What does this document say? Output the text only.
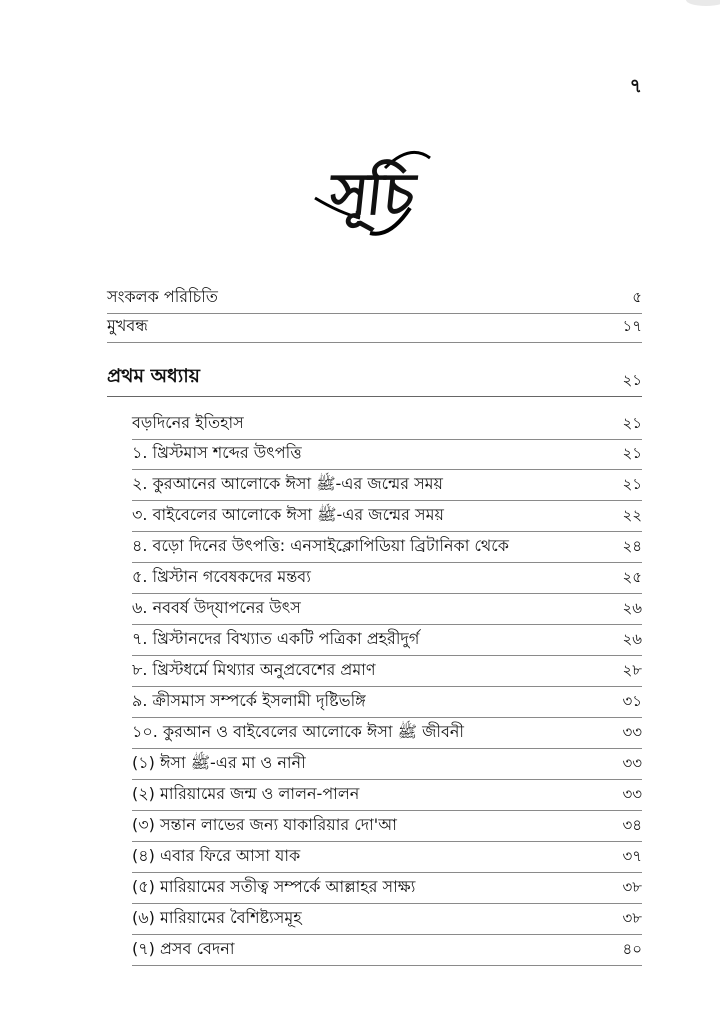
৭
সূচি
সংকলক পরিচিতি	৫
মুখবন্ধ	১৭
প্রথম অধ্যায়	২১
বড়দিনের ইতিহাস	২১
১. খ্রিস্টমাস শব্দের উৎপত্তি	২১
২. কুরআনের আলোকে ঈসা ﷺ-এর জন্মের সময়	২১
৩. বাইবেলের আলোকে ঈসা ﷺ-এর জন্মের সময়	২২
৪. বড়ো দিনের উৎপত্তি: এনসাইক্লোপিডিয়া ব্রিটানিকা থেকে	২৪
৫. খ্রিস্টান গবেষকদের মন্তব্য	২৫
৬. নববর্ষ উদ্‌যাপনের উৎস	২৬
৭. খ্রিস্টানদের বিখ্যাত একটি পত্রিকা প্রহরীদুর্গ	২৬
৮. খ্রিস্টধর্মে মিথ্যার অনুপ্রবেশের প্রমাণ	২৮
৯. ক্রীসমাস সম্পর্কে ইসলামী দৃষ্টিভঙ্গি	৩১
১০. কুরআন ও বাইবেলের আলোকে ঈসা ﷺ জীবনী	৩৩
(১) ঈসা ﷺ-এর মা ও নানী	৩৩
(২) মারিয়ামের জন্ম ও লালন-পালন	৩৩
(৩) সন্তান লাভের জন্য যাকারিয়ার দো'আ	৩৪
(৪) এবার ফিরে আসা যাক	৩৭
(৫) মারিয়ামের সতীত্ব সম্পর্কে আল্লাহর সাক্ষ্য	৩৮
(৬) মারিয়ামের বৈশিষ্ট্যসমূহ	৩৮
(৭) প্রসব বেদনা	৪০
